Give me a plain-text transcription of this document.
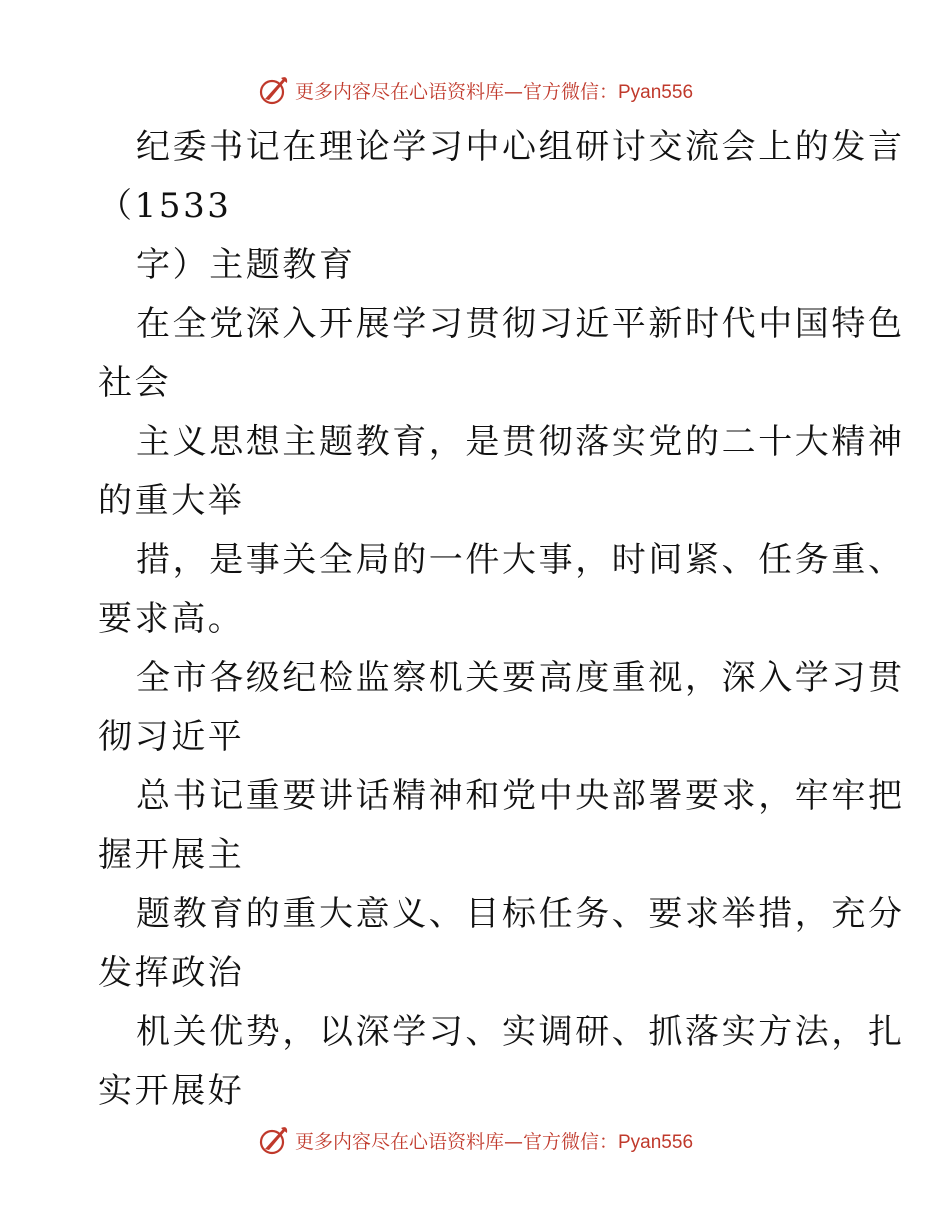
更多内容尽在心语资料库—官方微信：Pyan556
纪委书记在理论学习中心组研讨交流会上的发言
（1533
字）主题教育
在全党深入开展学习贯彻习近平新时代中国特色
社会
主义思想主题教育，是贯彻落实党的二十大精神
的重大举
措，是事关全局的一件大事，时间紧、任务重、
要求高。
全市各级纪检监察机关要高度重视，深入学习贯
彻习近平
总书记重要讲话精神和党中央部署要求，牢牢把
握开展主
题教育的重大意义、目标任务、要求举措，充分
发挥政治
机关优势，以深学习、实调研、抓落实方法，扎
实开展好
更多内容尽在心语资料库—官方微信：Pyan556
